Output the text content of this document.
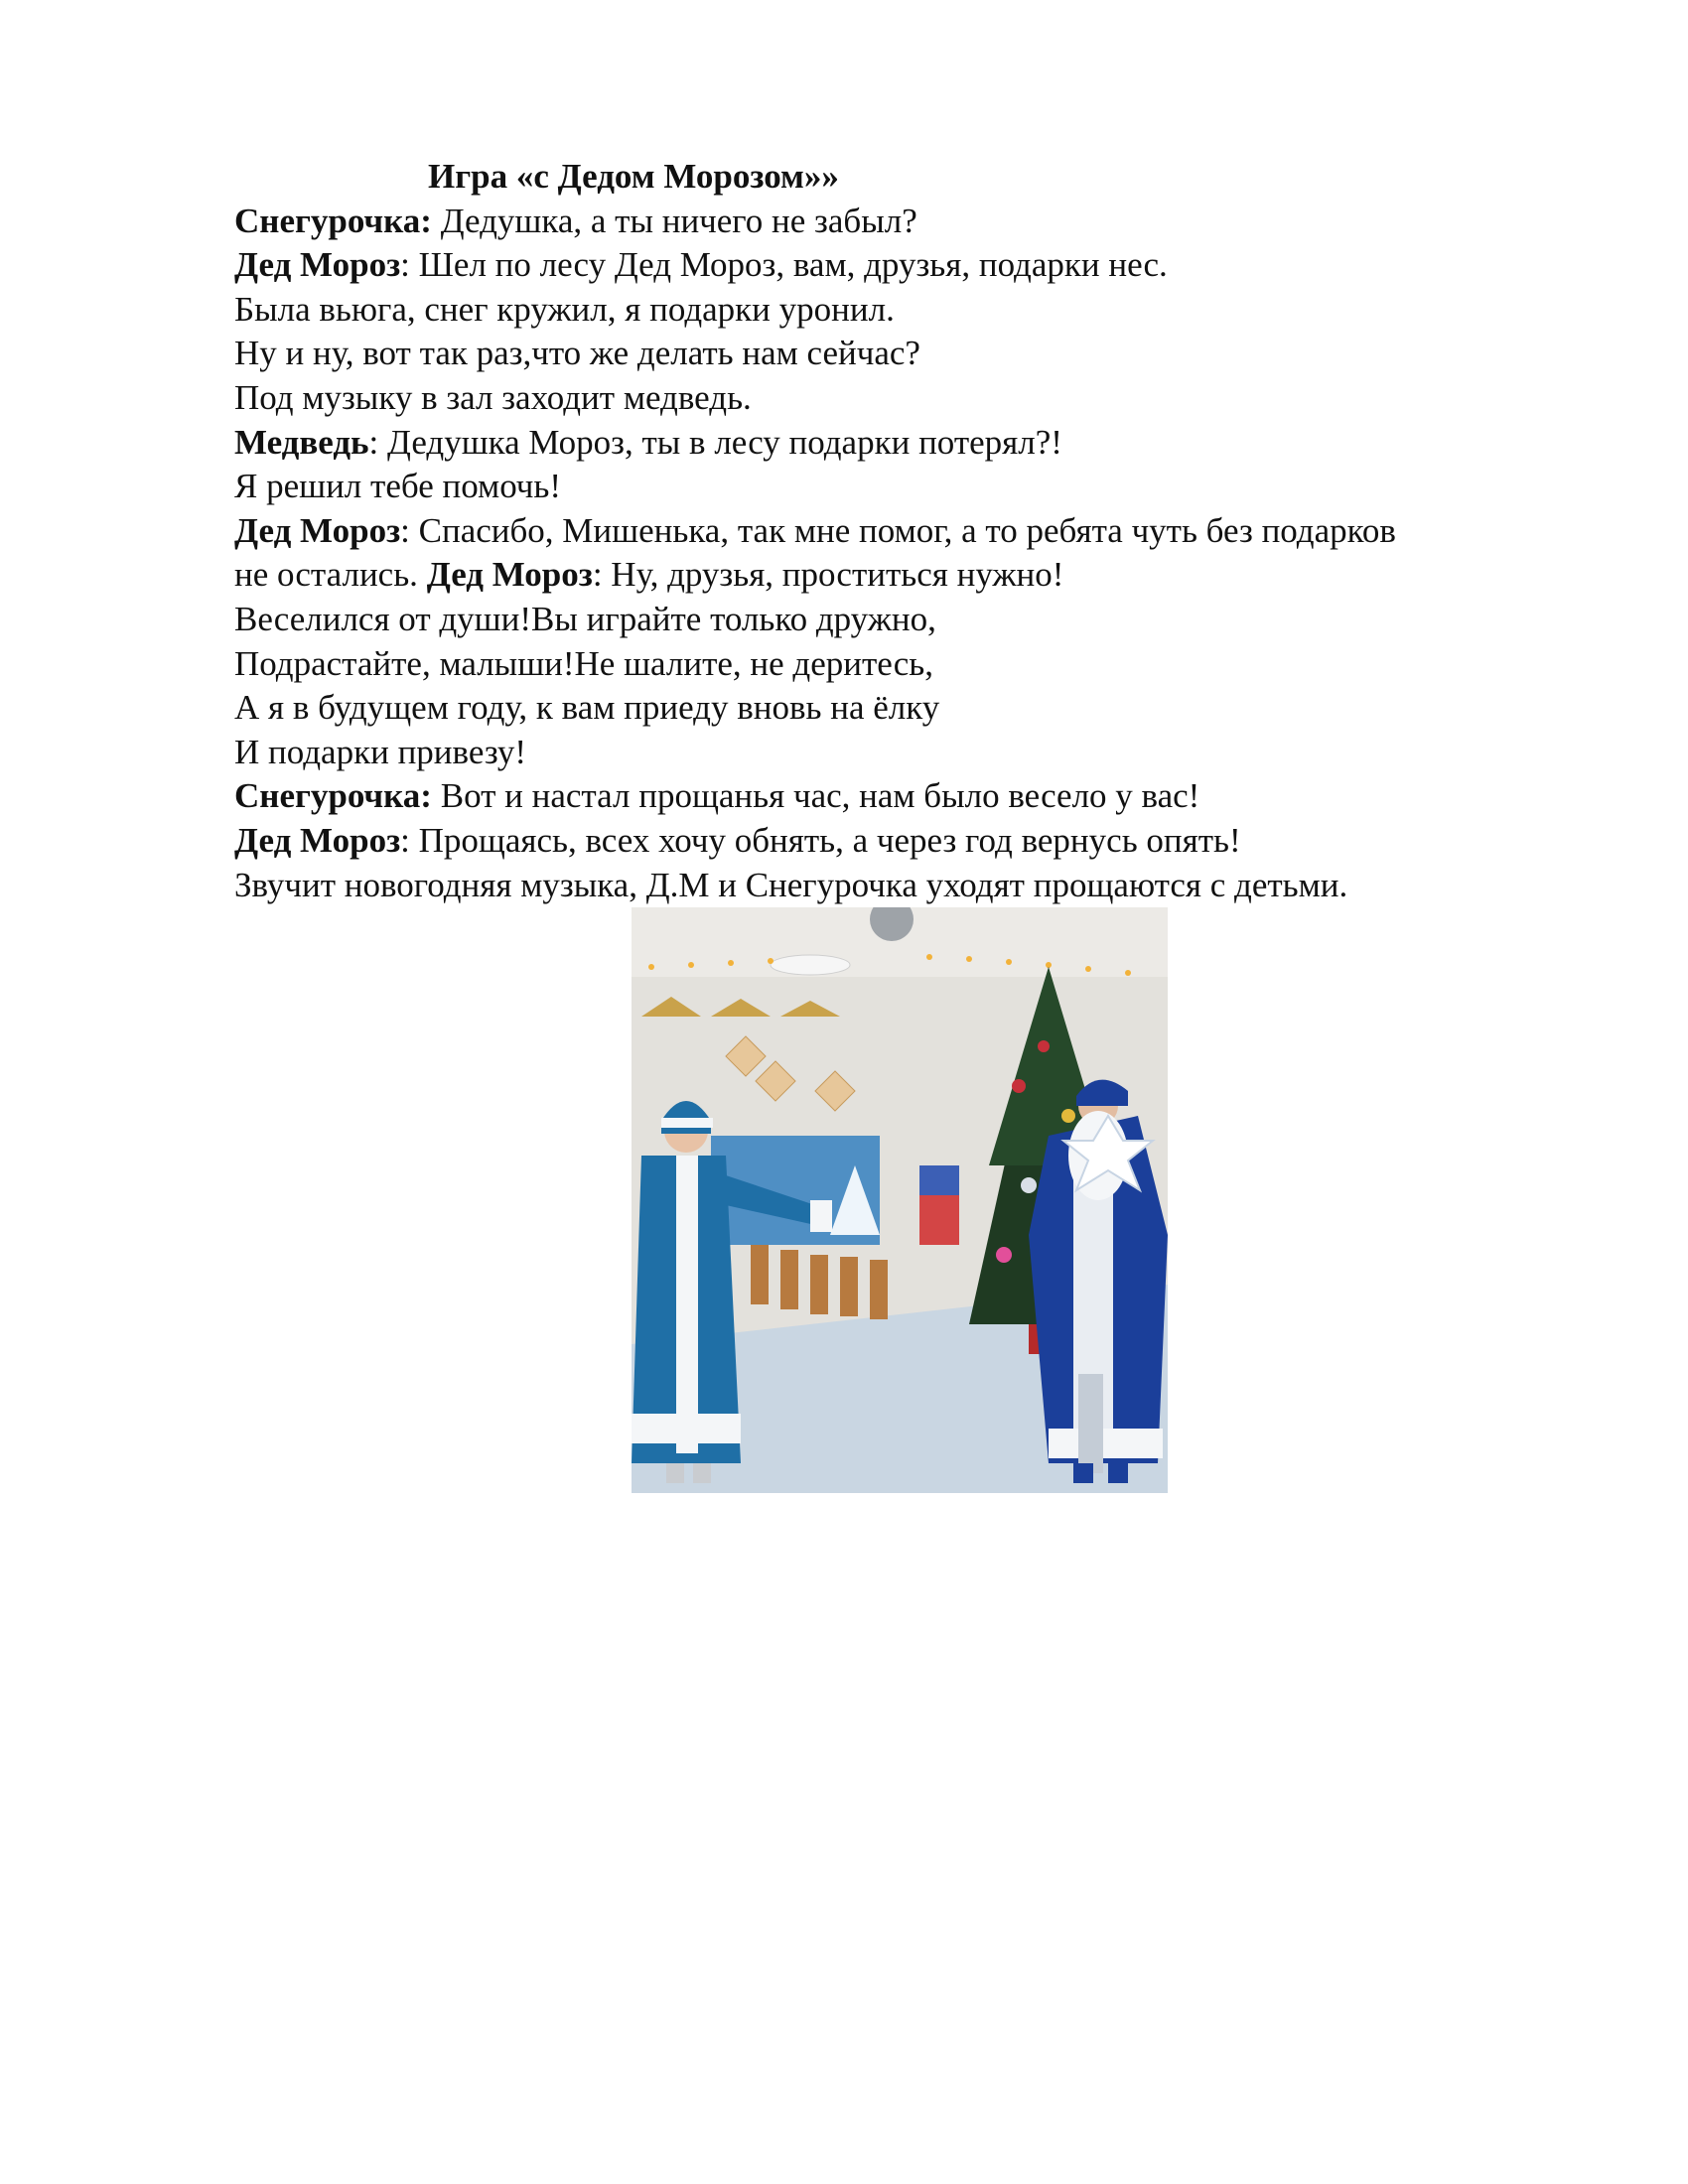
Игра «с Дедом Морозом»»
Снегурочка: Дедушка, а ты ничего не забыл?
Дед Мороз: Шел по лесу Дед Мороз, вам, друзья, подарки нес.
Была вьюга, снег кружил, я подарки уронил.
Ну и ну, вот так раз,что же делать нам сейчас?
Под музыку в зал заходит медведь.
Медведь: Дедушка Мороз, ты в лесу подарки потерял?!
Я решил тебе помочь!
Дед Мороз: Спасибо, Мишенька, так мне помог, а то ребята чуть без подарков
не остались. Дед Мороз: Ну, друзья, проститься нужно!
Веселился от души!Вы играйте только дружно,
Подрастайте, малыши!Не шалите, не деритесь,
А я в будущем году, к вам приеду вновь на ёлку
И подарки привезу!
Снегурочка: Вот и настал прощанья час, нам было весело у вас!
Дед Мороз: Прощаясь, всех хочу обнять, а через год вернусь опять!
Звучит новогодняя музыка, Д.М и Снегурочка уходят прощаются с детьми.
